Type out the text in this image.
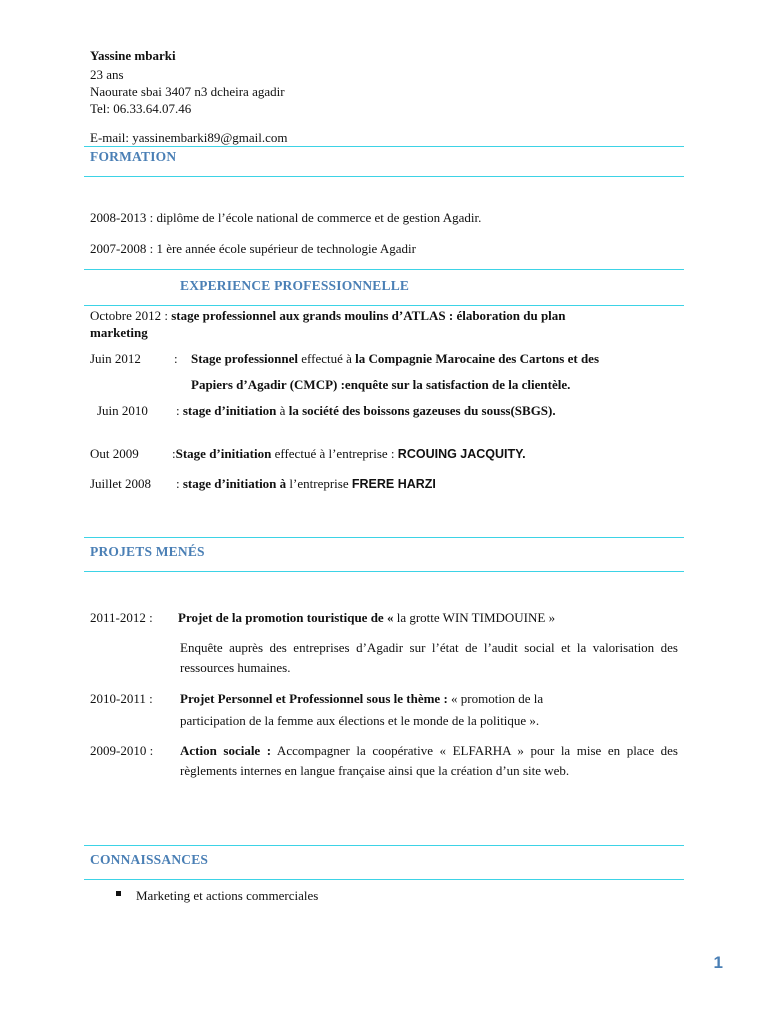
Yassine mbarki
23 ans
Naourate sbai 3407 n3 dcheira agadir
Tel: 06.33.64.07.46
E-mail: yassinembarki89@gmail.com
FORMATION
2008-2013 : diplôme de l’école national de commerce et de gestion Agadir.
2007-2008 : 1 ère année école supérieur de technologie Agadir
EXPERIENCE PROFESSIONNELLE
Octobre 2012 : stage professionnel aux grands moulins d’ATLAS : élaboration du plan
marketing
Juin 2012	: Stage professionnel effectué à la Compagnie Marocaine des Cartons et des
Papiers d’Agadir (CMCP) :enquête sur la satisfaction de la clientèle.
Juin 2010 : stage d’initiation à la société des boissons gazeuses du souss(SBGS).
Out 2009	:Stage d’initiation effectué à l’entreprise : RCOUING JACQUITY.
Juillet 2008 : stage d’initiation à l’entreprise FRERE HARZI
PROJETS MENÉS
2011-2012 : Projet de la promotion touristique de « la grotte WIN TIMDOUINE »
Enquête auprès des entreprises d’Agadir sur l’état de l’audit social et la valorisation des ressources humaines.
2010-2011 : Projet Personnel et Professionnel sous le thème : « promotion de la
participation de la femme aux élections et le monde de la politique ».
2009-2010 : Action sociale : Accompagner la coopérative « ELFARHA » pour la mise en place des règlements internes en langue française ainsi que la création d’un site web.
CONNAISSANCES
Marketing et actions commerciales
1
